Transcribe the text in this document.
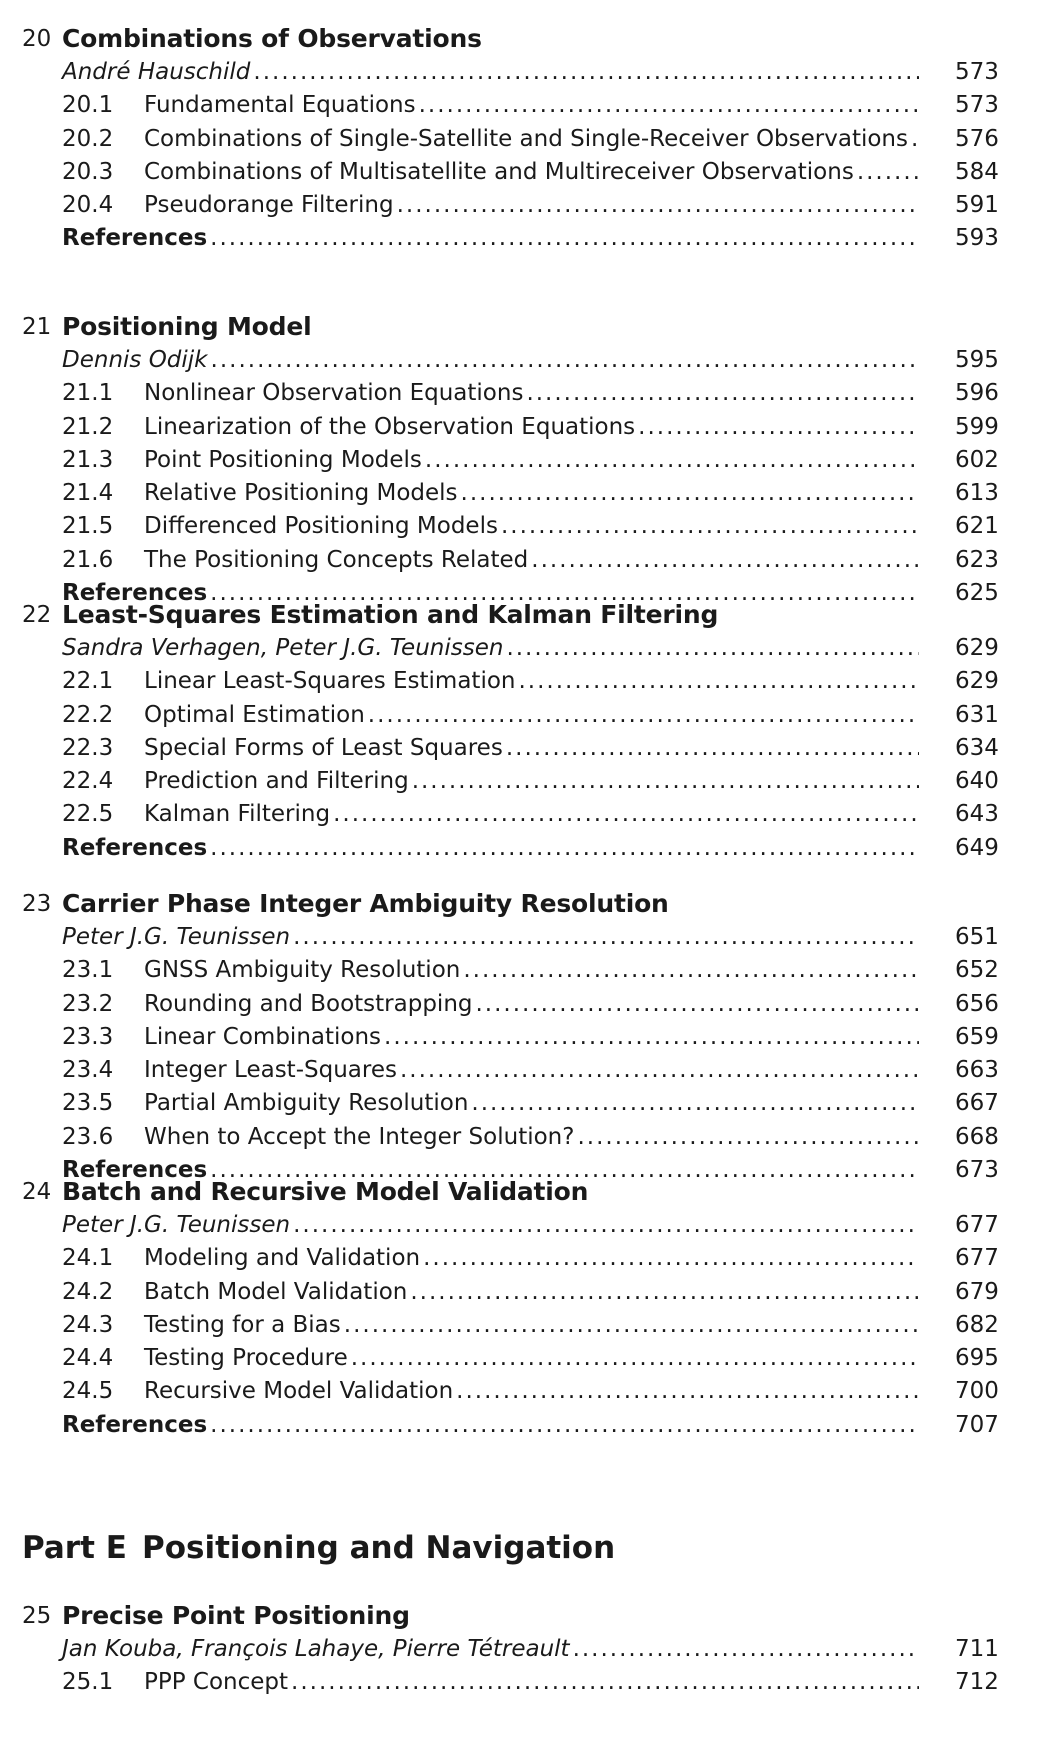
20 Combinations of Observations
André Hauschild .....	573
20.1 Fundamental Equations .....	573
20.2 Combinations of Single-Satellite and Single-Receiver Observations ..... 576
20.3 Combinations of Multisatellite and Multireceiver Observations .....	584
20.4 Pseudorange Filtering .....	591
References .....	593
21 Positioning Model
Dennis Odijk .....	595
21.1 Nonlinear Observation Equations .....	596
21.2 Linearization of the Observation Equations .....	599
21.3 Point Positioning Models .....	602
21.4 Relative Positioning Models .....	613
21.5 Differenced Positioning Models .....	621
21.6 The Positioning Concepts Related .....	623
References .....	625
22 Least-Squares Estimation and Kalman Filtering
Sandra Verhagen, Peter J.G. Teunissen .....	629
22.1 Linear Least-Squares Estimation .....	629
22.2 Optimal Estimation .....	631
22.3 Special Forms of Least Squares .....	634
22.4 Prediction and Filtering .....	640
22.5 Kalman Filtering .....	643
References .....	649
23 Carrier Phase Integer Ambiguity Resolution
Peter J.G. Teunissen .....	651
23.1 GNSS Ambiguity Resolution .....	652
23.2 Rounding and Bootstrapping .....	656
23.3 Linear Combinations .....	659
23.4 Integer Least-Squares .....	663
23.5 Partial Ambiguity Resolution .....	667
23.6 When to Accept the Integer Solution? .....	668
References .....	673
24 Batch and Recursive Model Validation
Peter J.G. Teunissen .....	677
24.1 Modeling and Validation .....	677
24.2 Batch Model Validation .....	679
24.3 Testing for a Bias .....	682
24.4 Testing Procedure .....	695
24.5 Recursive Model Validation .....	700
References .....	707
25 Precise Point Positioning
Jan Kouba, François Lahaye, Pierre Tétreault .....	711
25.1 PPP Concept .....	712
Part E Positioning and Navigation
